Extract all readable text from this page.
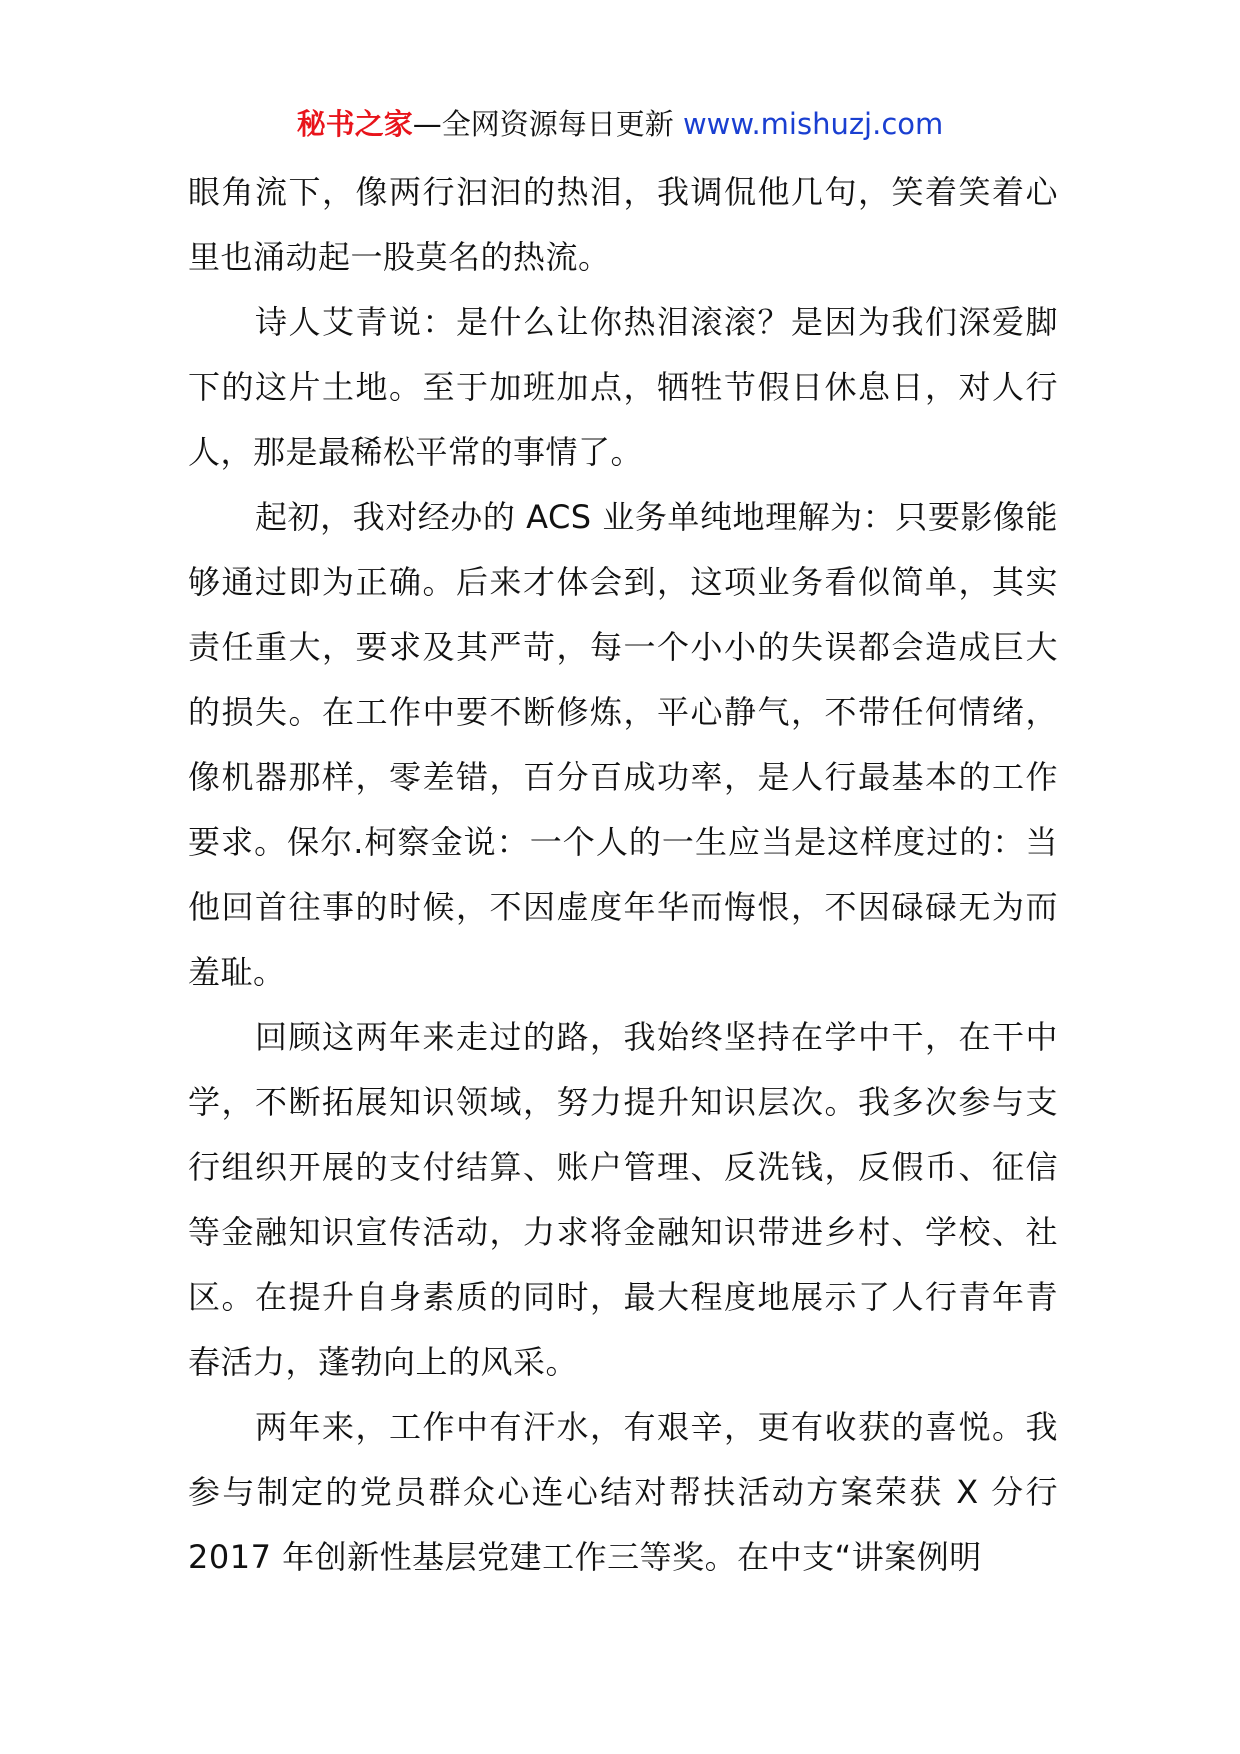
秘书之家—全网资源每日更新 www.mishuzj.com

眼角流下，像两行汩汩的热泪，我调侃他几句，笑着笑着心里也涌动起一股莫名的热流。

诗人艾青说：是什么让你热泪滚滚？是因为我们深爱脚下的这片土地。至于加班加点，牺牲节假日休息日，对人行人，那是最稀松平常的事情了。

起初，我对经办的 ACS 业务单纯地理解为：只要影像能够通过即为正确。后来才体会到，这项业务看似简单，其实责任重大，要求及其严苛，每一个小小的失误都会造成巨大的损失。在工作中要不断修炼，平心静气，不带任何情绪，像机器那样，零差错，百分百成功率，是人行最基本的工作要求。保尔.柯察金说：一个人的一生应当是这样度过的：当他回首往事的时候，不因虚度年华而悔恨，不因碌碌无为而羞耻。

回顾这两年来走过的路，我始终坚持在学中干，在干中学，不断拓展知识领域，努力提升知识层次。我多次参与支行组织开展的支付结算、账户管理、反洗钱，反假币、征信等金融知识宣传活动，力求将金融知识带进乡村、学校、社区。在提升自身素质的同时，最大程度地展示了人行青年青春活力，蓬勃向上的风采。

两年来，工作中有汗水，有艰辛，更有收获的喜悦。我参与制定的党员群众心连心结对帮扶活动方案荣获 X 分行 2017 年创新性基层党建工作三等奖。在中支“讲案例明
